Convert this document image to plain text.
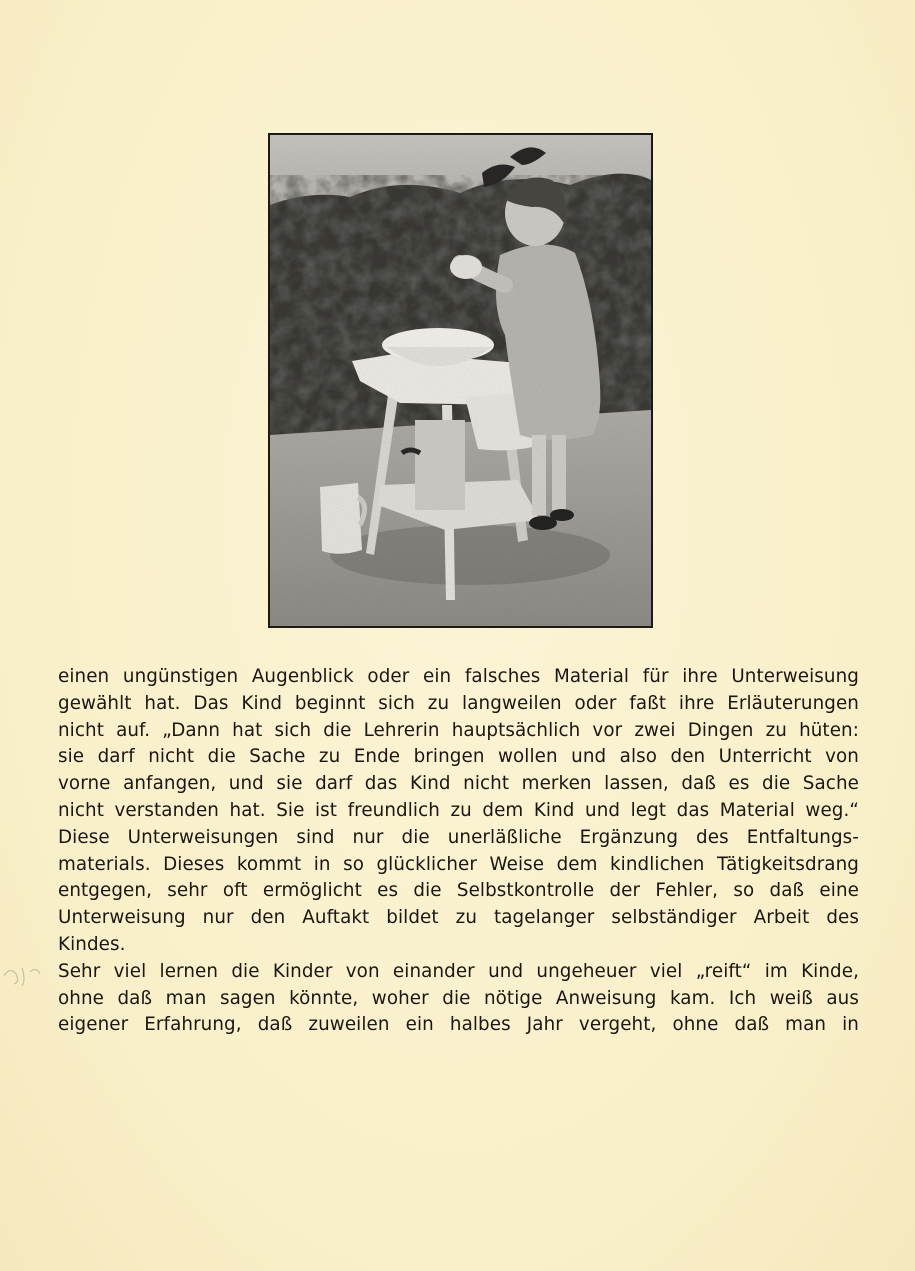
einen ungünstigen Augenblick oder ein falsches Material für ihre Unterweisung
gewählt hat. Das Kind beginnt sich zu langweilen oder faßt ihre Erläuterungen
nicht auf. „Dann hat sich die Lehrerin hauptsächlich vor zwei Dingen zu hüten:
sie darf nicht die Sache zu Ende bringen wollen und also den Unterricht von
vorne anfangen, und sie darf das Kind nicht merken lassen, daß es die Sache
nicht verstanden hat. Sie ist freundlich zu dem Kind und legt das Material weg.“
Diese Unterweisungen sind nur die unerläßliche Ergänzung des Entfaltungs-
materials. Dieses kommt in so glücklicher Weise dem kindlichen Tätigkeitsdrang
entgegen, sehr oft ermöglicht es die Selbstkontrolle der Fehler, so daß eine
Unterweisung nur den Auftakt bildet zu tagelanger selbständiger Arbeit des
Kindes.
Sehr viel lernen die Kinder von einander und ungeheuer viel „reift“ im Kinde,
ohne daß man sagen könnte, woher die nötige Anweisung kam. Ich weiß aus
eigener Erfahrung, daß zuweilen ein halbes Jahr vergeht, ohne daß man in
